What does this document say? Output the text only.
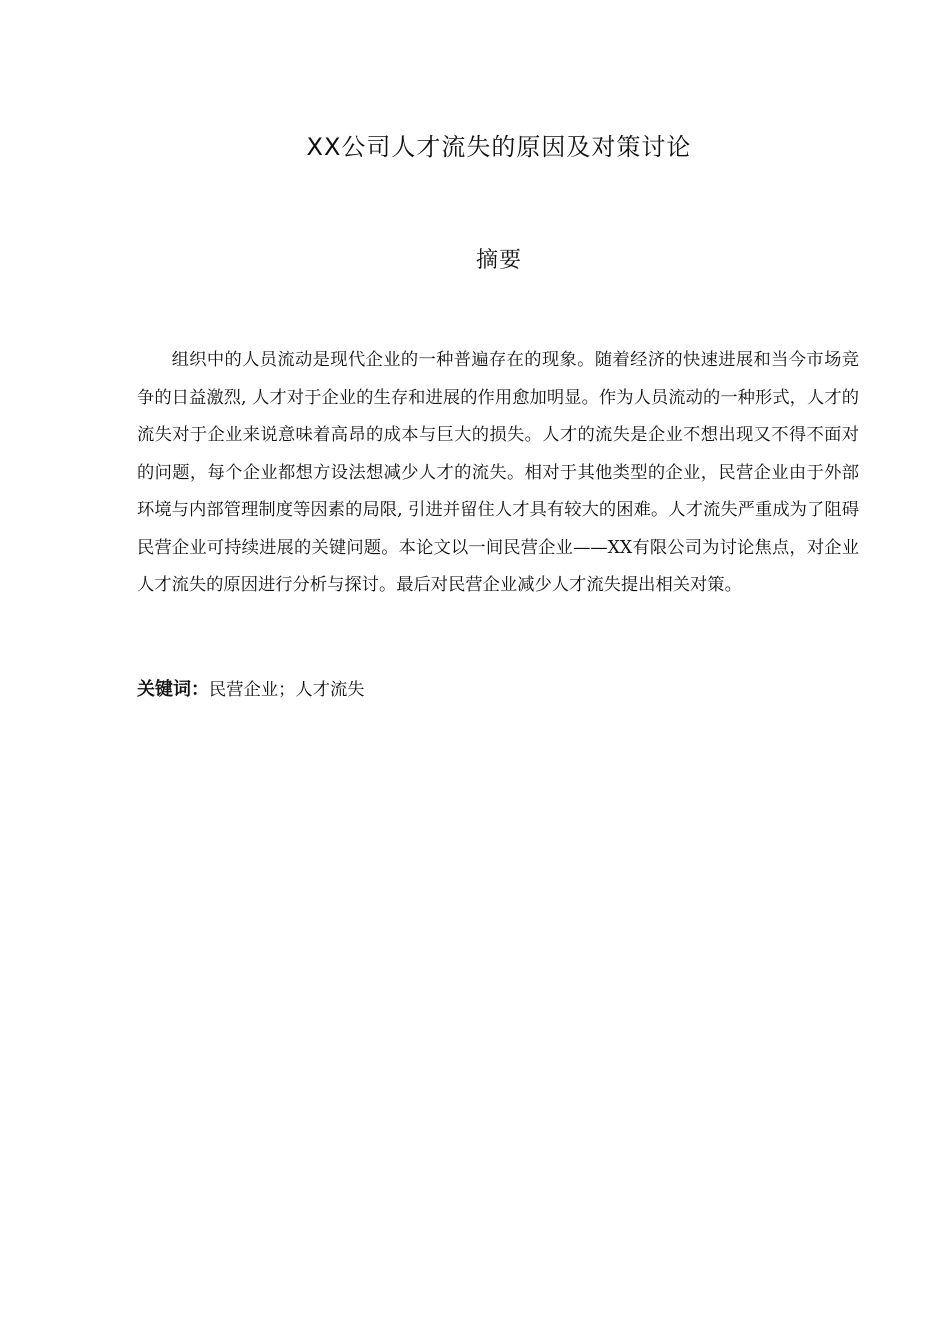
XX公司人才流失的原因及对策讨论
摘要

组织中的人员流动是现代企业的一种普遍存在的现象。随着经济的快速进展和当今市场竞争的日益激烈, 人才对于企业的生存和进展的作用愈加明显。作为人员流动的一种形式，人才的流失对于企业来说意味着高昂的成本与巨大的损失。人才的流失是企业不想出现又不得不面对的问题，每个企业都想方设法想减少人才的流失。相对于其他类型的企业，民营企业由于外部环境与内部管理制度等因素的局限, 引进并留住人才具有较大的困难。人才流失严重成为了阻碍民营企业可持续进展的关键问题。本论文以一间民营企业——XX有限公司为讨论焦点，对企业人才流失的原因进行分析与探讨。最后对民营企业减少人才流失提出相关对策。

关键词：民营企业；人才流失
